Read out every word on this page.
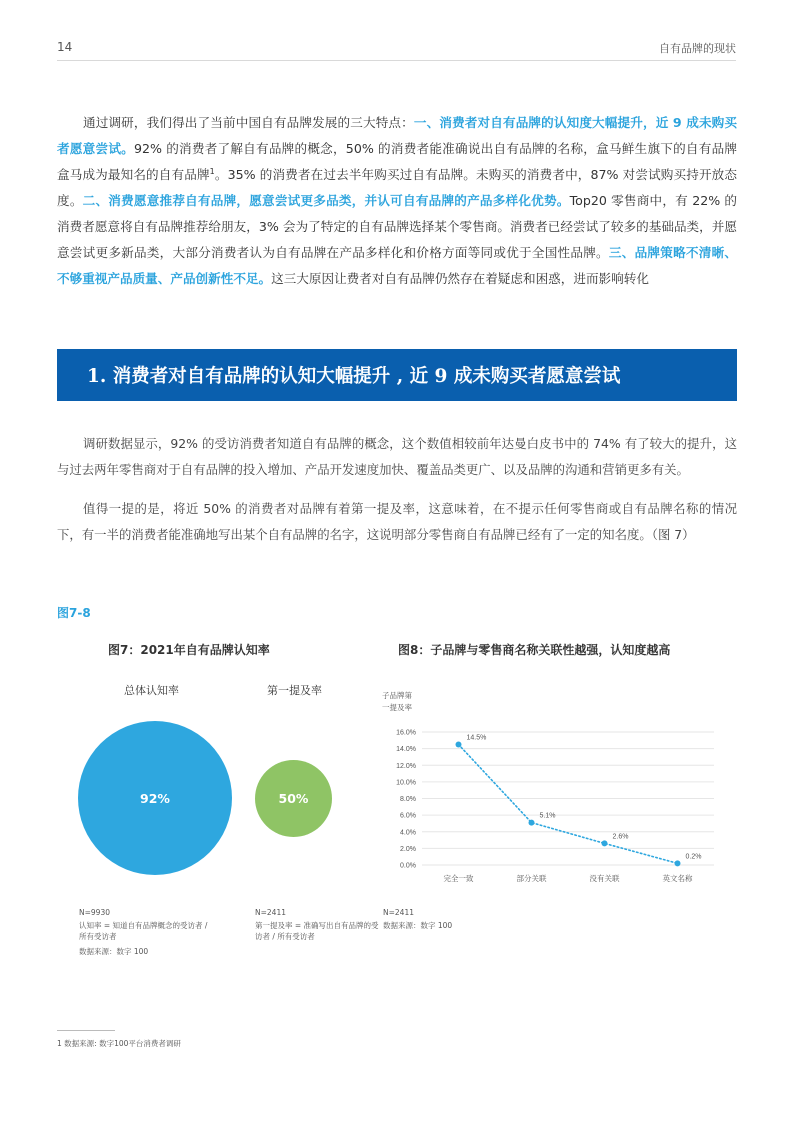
14	自有品牌的现状

通过调研，我们得出了当前中国自有品牌发展的三大特点：一、消费者对自有品牌的认知度大幅提升，近 9 成未购买者愿意尝试。92% 的消费者了解自有品牌的概念，50% 的消费者能准确说出自有品牌的名称，盒马鲜生旗下的自有品牌盒马成为最知名的自有品牌$^1$。35% 的消费者在过去半年购买过自有品牌。未购买的消费者中，87% 对尝试购买持开放态度。二、消费愿意推荐自有品牌，愿意尝试更多品类，并认可自有品牌的产品多样化优势。Top20 零售商中，有 22% 的消费者愿意将自有品牌推荐给朋友，3% 会为了特定的自有品牌选择某个零售商。消费者已经尝试了较多的基础品类，并愿意尝试更多新品类，大部分消费者认为自有品牌在产品多样化和价格方面等同或优于全国性品牌。三、品牌策略不清晰、不够重视产品质量、产品创新性不足。这三大原因让费者对自有品牌仍然存在着疑虑和困惑，进而影响转化

1. 消费者对自有品牌的认知大幅提升 , 近 9 成未购买者愿意尝试

调研数据显示，92% 的受访消费者知道自有品牌的概念，这个数值相较前年达曼白皮书中的 74% 有了较大的提升，这与过去两年零售商对于自有品牌的投入增加、产品开发速度加快、覆盖品类更广、以及品牌的沟通和营销更多有关。

值得一提的是，将近 50% 的消费者对品牌有着第一提及率，这意味着，在不提示任何零售商或自有品牌名称的情况下，有一半的消费者能准确地写出某个自有品牌的名字，这说明部分零售商自有品牌已经有了一定的知名度。（图 7）

图7-8
图7：2021年自有品牌认知率
总体认知率	第一提及率
92%	50%

N=9930

认知率 = 知道自有品牌概念的受访者 / 所有受访者

数据来源：数字 100

N=2411

第一提及率 = 准确写出自有品牌的受访者 / 所有受访者

图8：子品牌与零售商名称关联性越强，认知度越高
子品牌第
一提及率
0.0%
2.0%
4.0%
6.0%
8.0%
10.0%
12.0%
14.0%
16.0%
完全一致	部分关联	没有关联	英文名称
14.5%
5.1%
2.6%
0.2%

N=2411

数据来源：数字 100

1 数据来源: 数字100平台消费者调研
